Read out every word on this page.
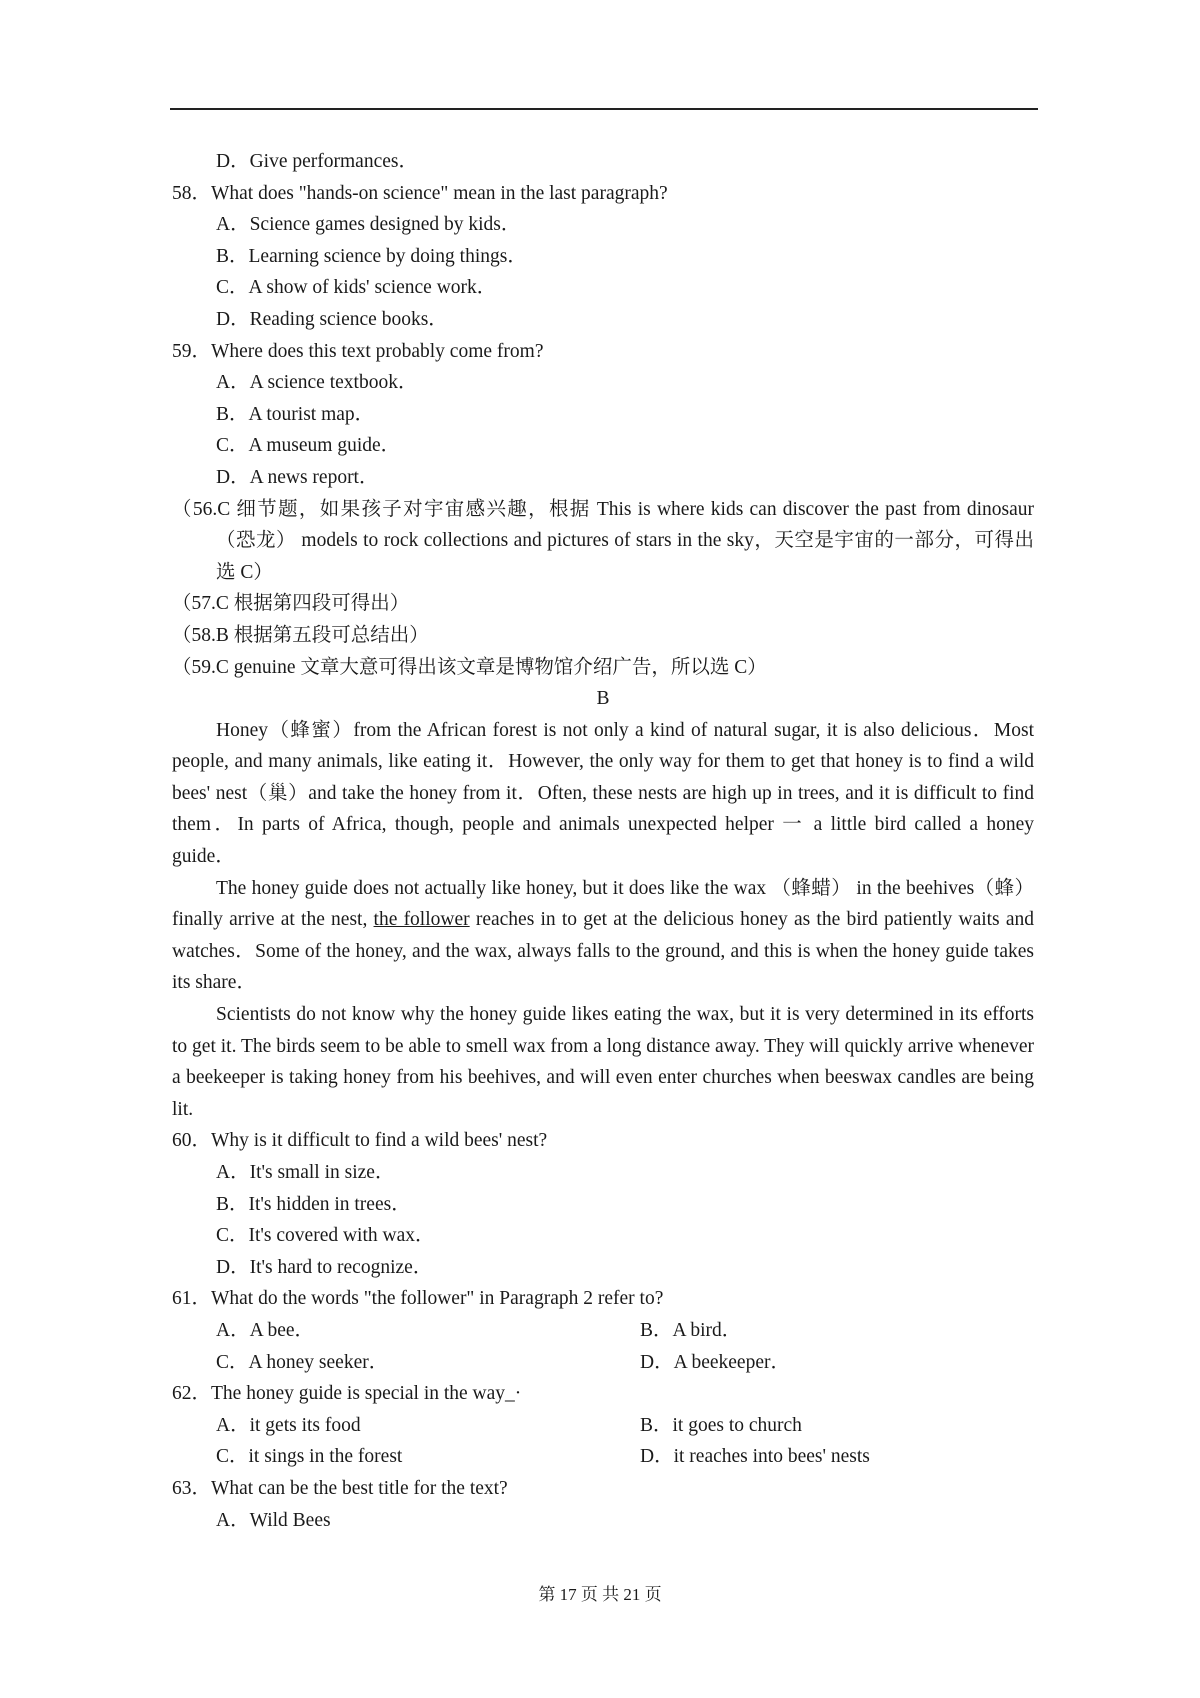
D．Give performances．
58．What does "hands-on science" mean in the last paragraph?
A．Science games designed by kids．
B．Learning science by doing things．
C．A show of kids' science work．
D．Reading science books．
59．Where does this text probably come from?
A．A science textbook．
B．A tourist map．
C．A museum guide．
D．A news report．
（56.C 细节题，如果孩子对宇宙感兴趣，根据 This is where kids can discover the past from dinosaur（恐龙） models to rock collections and pictures of stars in the sky，天空是宇宙的一部分，可得出选 C）
（57.C 根据第四段可得出）
（58.B 根据第五段可总结出）
（59.C genuine 文章大意可得出该文章是博物馆介绍广告，所以选 C）
B
Honey（蜂蜜）from the African forest is not only a kind of natural sugar, it is also delicious．Most people, and many animals, like eating it．However, the only way for them to get that honey is to find a wild bees' nest（巢）and take the honey from it．Often, these nests are high up in trees, and it is difficult to find them．In parts of Africa, though, people and animals unexpected helper 一 a little bird called a honey guide．
The honey guide does not actually like honey, but it does like the wax （蜂蜡） in the beehives（蜂）finally arrive at the nest, the follower reaches in to get at the delicious honey as the bird patiently waits and watches．Some of the honey, and the wax, always falls to the ground, and this is when the honey guide takes its share．
Scientists do not know why the honey guide likes eating the wax, but it is very determined in its efforts to get it. The birds seem to be able to smell wax from a long distance away. They will quickly arrive whenever a beekeeper is taking honey from his beehives, and will even enter churches when beeswax candles are being lit.
60．Why is it difficult to find a wild bees' nest?
A．It's small in size．
B．It's hidden in trees．
C．It's covered with wax．
D．It's hard to recognize．
61．What do the words "the follower" in Paragraph 2 refer to?
A．A bee．	B．A bird．
C．A honey seeker．	D．A beekeeper．
62．The honey guide is special in the way_·
A．it gets its food	B．it goes to church
C．it sings in the forest	D．it reaches into bees' nests
63．What can be the best title for the text?
A．Wild Bees
第 17 页 共 21 页
